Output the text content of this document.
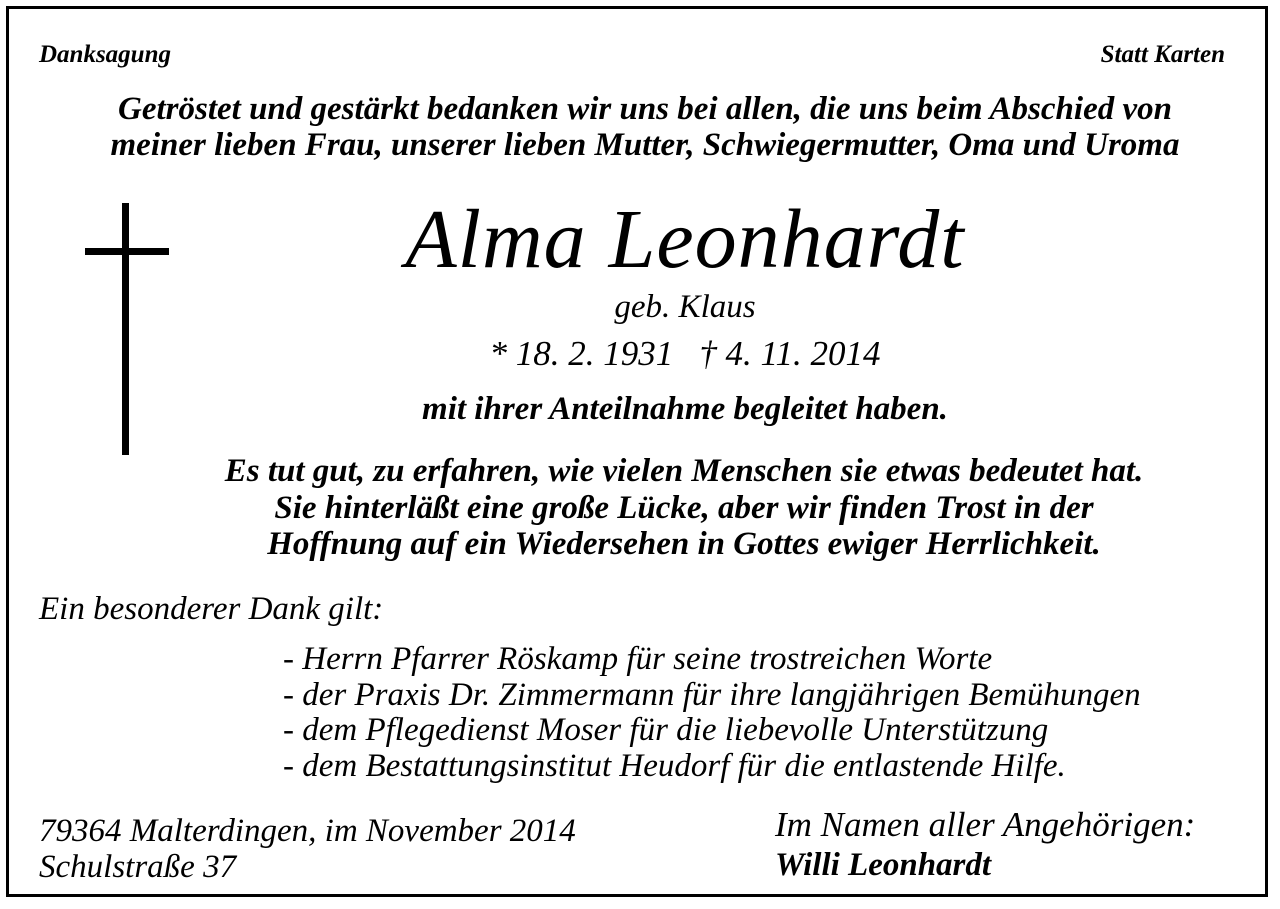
Danksagung	Statt Karten

Getröstet und gestärkt bedanken wir uns bei allen, die uns beim Abschied von

meiner lieben Frau, unserer lieben Mutter, Schwiegermutter, Oma und Uroma

Alma Leonhardt

geb. Klaus

* 18. 2. 1931 † 4. 11. 2014

mit ihrer Anteilnahme begleitet haben.

Es tut gut, zu erfahren, wie vielen Menschen sie etwas bedeutet hat.

Sie hinterläßt eine große Lücke, aber wir finden Trost in der

Hoffnung auf ein Wiedersehen in Gottes ewiger Herrlichkeit.

Ein besonderer Dank gilt:

- Herrn Pfarrer Röskamp für seine trostreichen Worte

- der Praxis Dr. Zimmermann für ihre langjährigen Bemühungen

- dem Pflegedienst Moser für die liebevolle Unterstützung

- dem Bestattungsinstitut Heudorf für die entlastende Hilfe.

79364 Malterdingen, im November 2014

Schulstraße 37

Im Namen aller Angehörigen:

Willi Leonhardt
